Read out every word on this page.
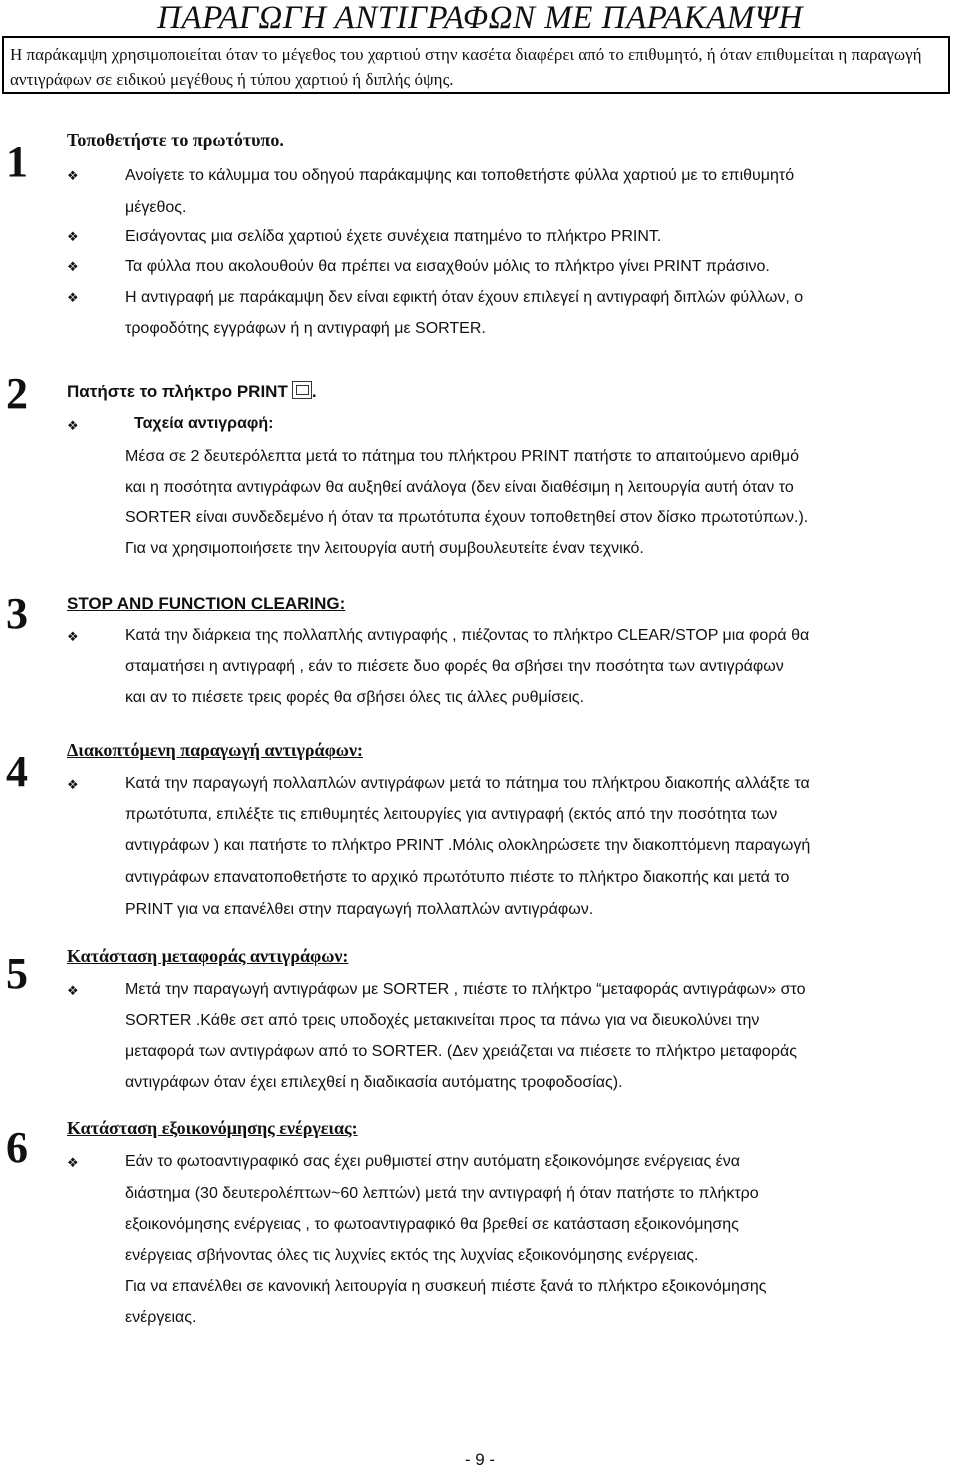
ΠΑΡΑΓΩΓΗ ΑΝΤΙΓΡΑΦΩΝ ΜΕ ΠΑΡΑΚΑΜΨΗ
Η παράκαμψη χρησιμοποιείται όταν το μέγεθος του χαρτιού στην κασέτα διαφέρει από το επιθυμητό, ή όταν επιθυμείται η παραγωγή αντιγράφων σε ειδικού μεγέθους ή τύπου χαρτιού ή διπλής όψης.
1 Τοποθετήστε το πρωτότυπο.
❖	Ανοίγετε το κάλυμμα του οδηγού παράκαμψης και τοποθετήστε φύλλα χαρτιού με το επιθυμητό
μέγεθος.
❖	Εισάγοντας μια σελίδα χαρτιού έχετε συνέχεια πατημένο το πλήκτρο PRINT.
❖	Τα φύλλα που ακολουθούν θα πρέπει να εισαχθούν μόλις το πλήκτρο γίνει PRINT πράσινο.
❖	Η αντιγραφή με παράκαμψη δεν είναι εφικτή όταν έχουν επιλεγεί η αντιγραφή διπλών φύλλων, ο
τροφοδότης εγγράφων ή η αντιγραφή με SORTER.
2 Πατήστε το πλήκτρο PRINT .
❖	Ταχεία αντιγραφή:
Μέσα σε 2 δευτερόλεπτα μετά το πάτημα του πλήκτρου PRINT πατήστε το απαιτούμενο αριθμό
και η ποσότητα αντιγράφων θα αυξηθεί ανάλογα (δεν είναι διαθέσιμη η λειτουργία αυτή όταν το
SORTER είναι συνδεδεμένο ή όταν τα πρωτότυπα έχουν τοποθετηθεί στον δίσκο πρωτοτύπων.).
Για να χρησιμοποιήσετε την λειτουργία αυτή συμβουλευτείτε έναν τεχνικό.
3 STOP AND FUNCTION CLEARING:
❖	Κατά την διάρκεια της πολλαπλής αντιγραφής , πιέζοντας το πλήκτρο CLEAR/STOP μια φορά θα
σταματήσει η αντιγραφή , εάν το πιέσετε δυο φορές θα σβήσει την ποσότητα των αντιγράφων
και αν το πιέσετε τρεις φορές θα σβήσει όλες τις άλλες ρυθμίσεις.
4 Διακοπτόμενη παραγωγή αντιγράφων:
❖	Κατά την παραγωγή πολλαπλών αντιγράφων μετά το πάτημα του πλήκτρου διακοπής αλλάξτε τα
πρωτότυπα, επιλέξτε τις επιθυμητές λειτουργίες για αντιγραφή (εκτός από την ποσότητα των
αντιγράφων ) και πατήστε το πλήκτρο PRINT .Μόλις ολοκληρώσετε την διακοπτόμενη παραγωγή
αντιγράφων επανατοποθετήστε το αρχικό πρωτότυπο πιέστε το πλήκτρο διακοπής και μετά το
PRINT για να επανέλθει στην παραγωγή πολλαπλών αντιγράφων.
5 Κατάσταση μεταφοράς αντιγράφων:
❖	Μετά την παραγωγή αντιγράφων με SORTER , πιέστε το πλήκτρο “μεταφοράς αντιγράφων» στο
SORTER .Κάθε σετ από τρεις υποδοχές μετακινείται προς τα πάνω για να διευκολύνει την
μεταφορά των αντιγράφων από το SORTER. (Δεν χρειάζεται να πιέσετε το πλήκτρο μεταφοράς
αντιγράφων όταν έχει επιλεχθεί η διαδικασία αυτόματης τροφοδοσίας).
6 Κατάσταση εξοικονόμησης ενέργειας:
❖	Εάν το φωτοαντιγραφικό σας έχει ρυθμιστεί στην αυτόματη εξοικονόμησε ενέργειας ένα
διάστημα (30 δευτερολέπτων~60 λεπτών) μετά την αντιγραφή ή όταν πατήστε το πλήκτρο
εξοικονόμησης ενέργειας , το φωτοαντιγραφικό θα βρεθεί σε κατάσταση εξοικονόμησης
ενέργειας σβήνοντας όλες τις λυχνίες εκτός της λυχνίας εξοικονόμησης ενέργειας.
Για να επανέλθει σε κανονική λειτουργία η συσκευή πιέστε ξανά το πλήκτρο εξοικονόμησης
ενέργειας.
- 9 -
